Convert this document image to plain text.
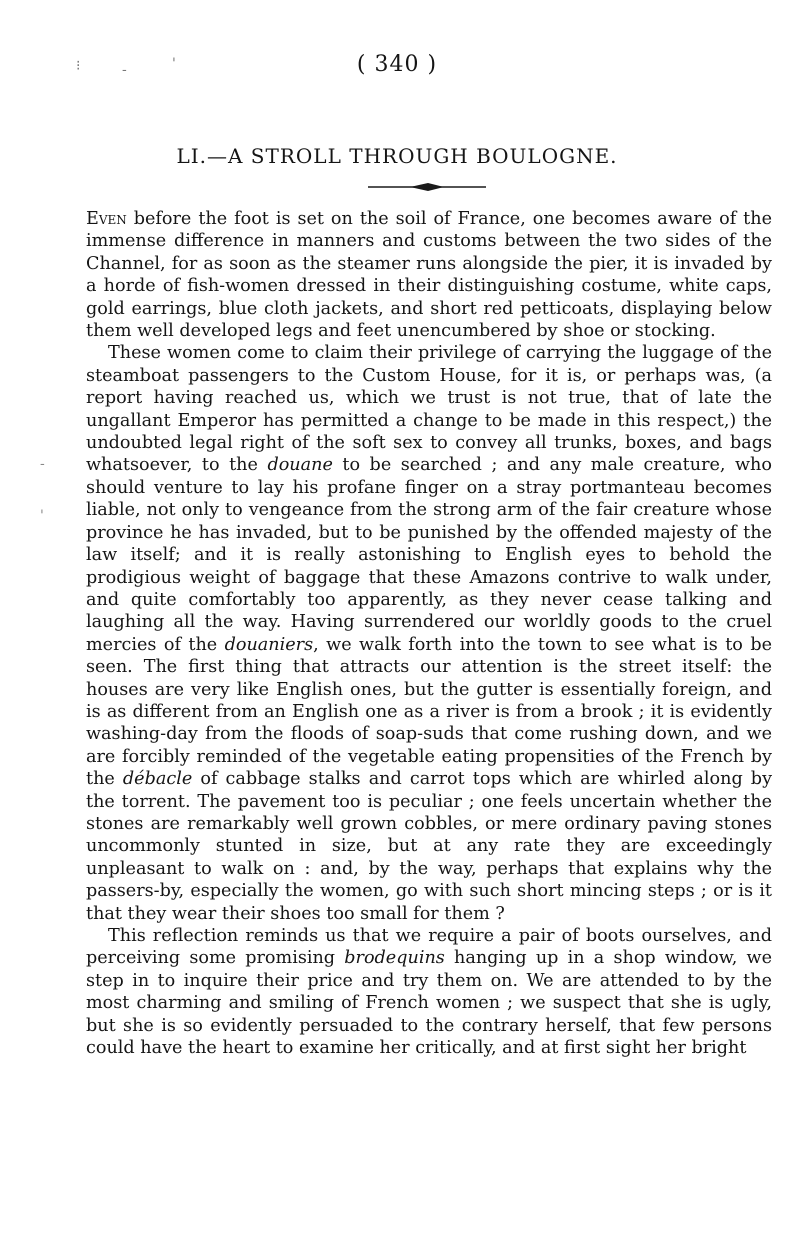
⁝	-	'	( 340 )
LI.—A STROLL THROUGH BOULOGNE.

Even before the foot is set on the soil of France, one becomes aware of the immense difference in manners and customs between the two sides of the Channel, for as soon as the steamer runs alongside the pier, it is invaded by a horde of fish-women dressed in their distinguishing costume, white caps, gold earrings, blue cloth jackets, and short red petticoats, displaying below them well developed legs and feet unencumbered by shoe or stocking.

These women come to claim their privilege of carrying the luggage of the steamboat passengers to the Custom House, for it is, or perhaps was, (a report having reached us, which we trust is not true, that of late the ungallant Emperor has permitted a change to be made in this respect,) the undoubted legal right of the soft sex to convey all trunks, boxes, and bags whatsoever, to the douane to be searched ; and any male creature, who should venture to lay his profane finger on a stray portmanteau becomes liable, not only to vengeance from the strong arm of the fair creature whose province he has invaded, but to be punished by the offended majesty of the law itself; and it is really astonishing to English eyes to behold the prodigious weight of baggage that these Amazons contrive to walk under, and quite comfortably too apparently, as they never cease talking and laughing all the way. Having surrendered our worldly goods to the cruel mercies of the douaniers, we walk forth into the town to see what is to be seen. The first thing that attracts our attention is the street itself: the houses are very like English ones, but the gutter is essentially foreign, and is as different from an English one as a river is from a brook ; it is evidently washing-day from the floods of soap-suds that come rushing down, and we are forcibly reminded of the vegetable eating propensities of the French by the débacle of cabbage stalks and carrot tops which are whirled along by the torrent. The pavement too is peculiar ; one feels uncertain whether the stones are remarkably well grown cobbles, or mere ordinary paving stones uncommonly stunted in size, but at any rate they are exceedingly unpleasant to walk on : and, by the way, perhaps that explains why the passers-by, especially the women, go with such short mincing steps ; or is it that they wear their shoes too small for them ?

This reflection reminds us that we require a pair of boots ourselves, and perceiving some promising brodequins hanging up in a shop window, we step in to inquire their price and try them on. We are attended to by the most charming and smiling of French women ; we suspect that she is ugly, but she is so evidently persuaded to the contrary herself, that few persons could have the heart to examine her critically, and at first sight her bright

-
'
